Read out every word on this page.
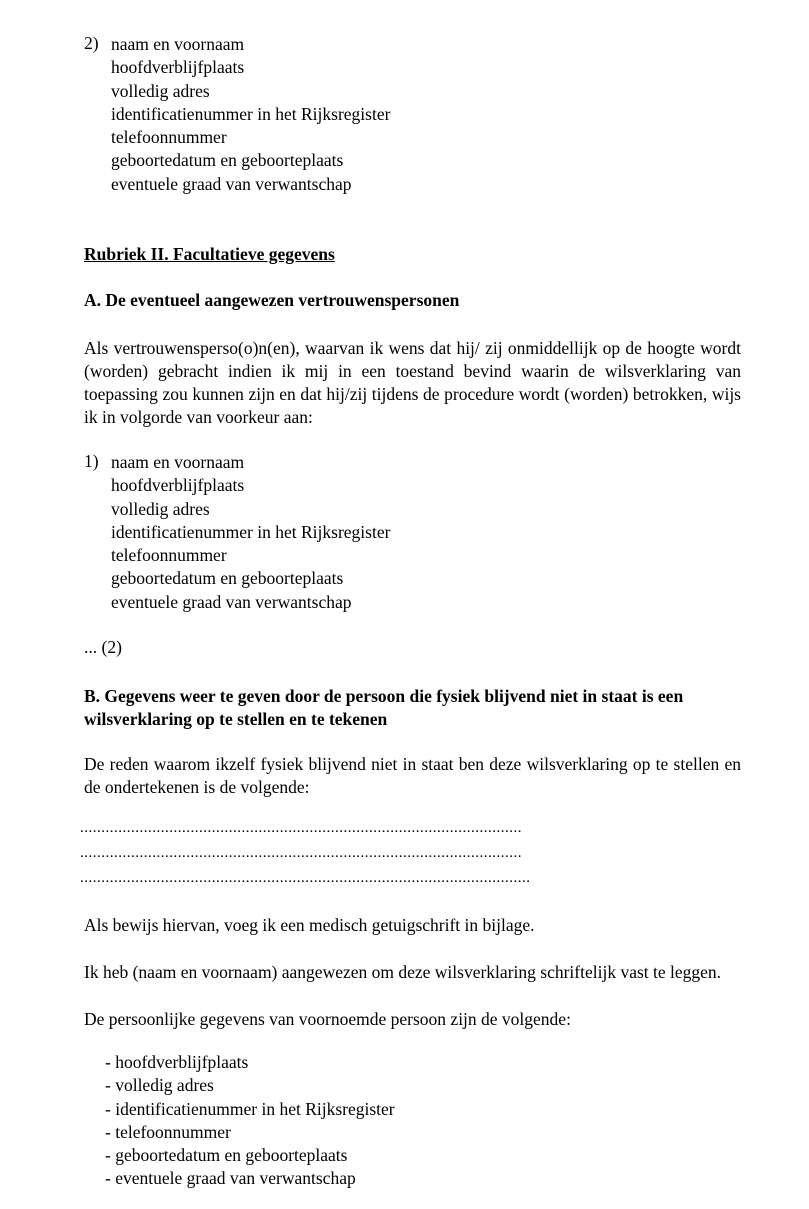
2) naam en voornaam
hoofdverblijfplaats
volledig adres
identificatienummer in het Rijksregister
telefoonnummer
geboortedatum en geboorteplaats
eventuele graad van verwantschap
Rubriek II. Facultatieve gegevens
A. De eventueel aangewezen vertrouwenspersonen
Als vertrouwensperso(o)n(en), waarvan ik wens dat hij/ zij onmiddellijk op de hoogte wordt (worden) gebracht indien ik mij in een toestand bevind waarin de wilsverklaring van toepassing zou kunnen zijn en dat hij/zij tijdens de procedure wordt (worden) betrokken, wijs ik in volgorde van voorkeur aan:
1) naam en voornaam
hoofdverblijfplaats
volledig adres
identificatienummer in het Rijksregister
telefoonnummer
geboortedatum en geboorteplaats
eventuele graad van verwantschap
... (2)
B. Gegevens weer te geven door de persoon die fysiek blijvend niet in staat is een wilsverklaring op te stellen en te tekenen
De reden waarom ikzelf fysiek blijvend niet in staat ben deze wilsverklaring op te stellen en de ondertekenen is de volgende:
........................................................................................................
........................................................................................................
..........................................................................................................
Als bewijs hiervan, voeg ik een medisch getuigschrift in bijlage.
Ik heb (naam en voornaam) aangewezen om deze wilsverklaring schriftelijk vast te leggen.
De persoonlijke gegevens van voornoemde persoon zijn de volgende:
- hoofdverblijfplaats
- volledig adres
- identificatienummer in het Rijksregister
- telefoonnummer
- geboortedatum en geboorteplaats
- eventuele graad van verwantschap
